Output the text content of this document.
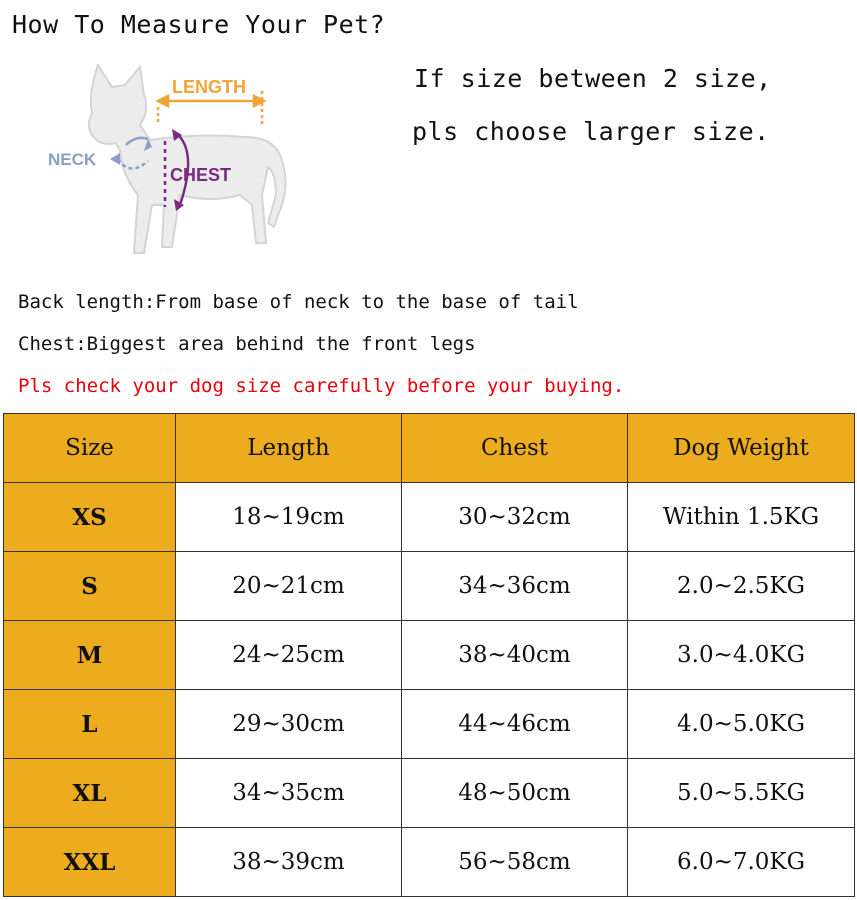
How To Measure Your Pet?
LENGTH
NECK
CHEST
If size between 2 size,
pls choose larger size.
Back length:From base of neck to the base of tail
Chest:Biggest area behind the front legs
Pls check your dog size carefully before your buying.
Size	Length	Chest	Dog Weight
XS	18~19cm	30~32cm	Within 1.5KG
S	20~21cm	34~36cm	2.0~2.5KG
M	24~25cm	38~40cm	3.0~4.0KG
L	29~30cm	44~46cm	4.0~5.0KG
XL	34~35cm	48~50cm	5.0~5.5KG
XXL	38~39cm	56~58cm	6.0~7.0KG
